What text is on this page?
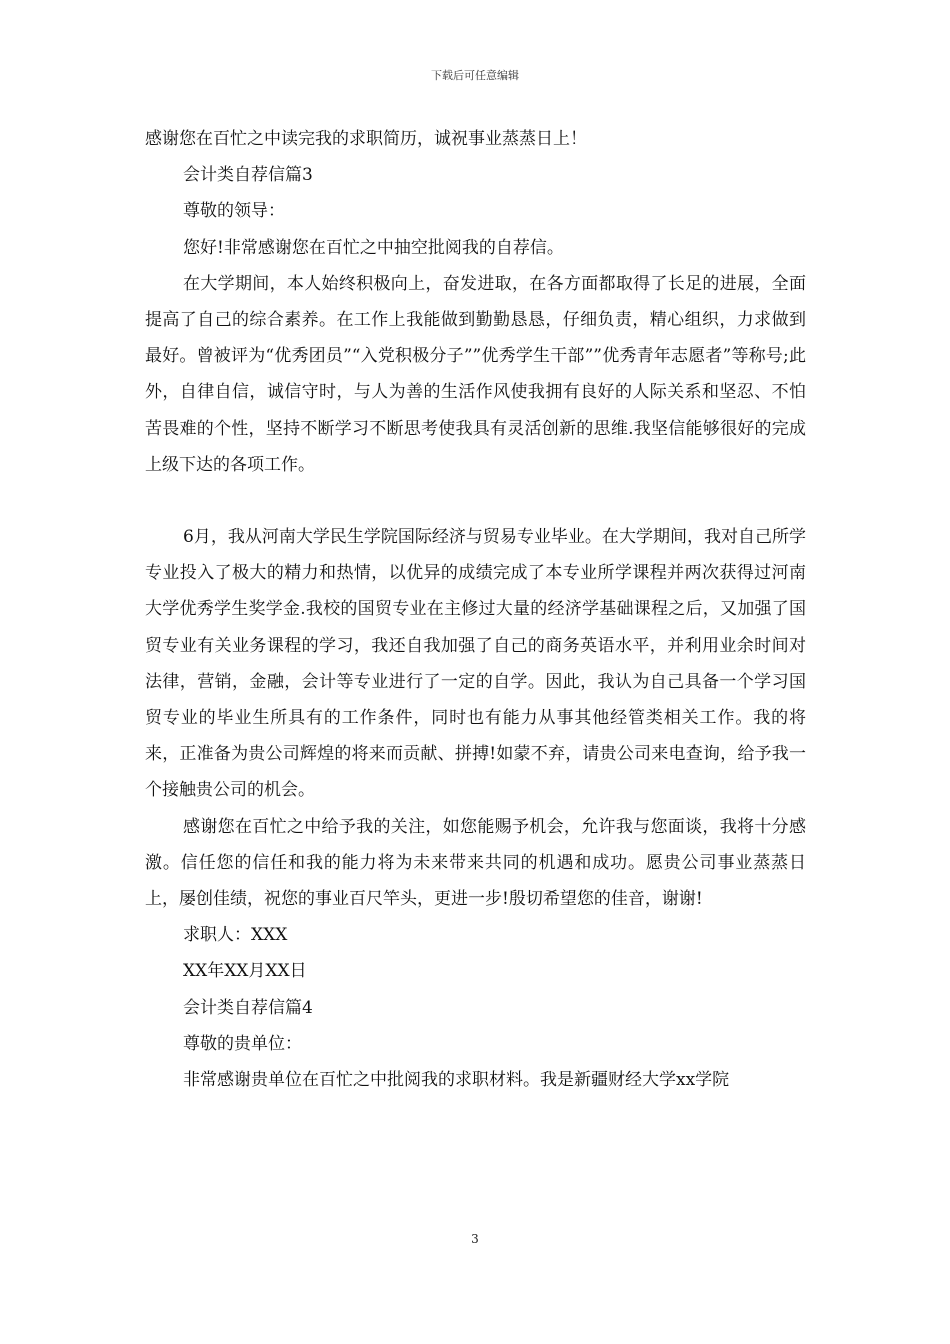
下载后可任意编辑

感谢您在百忙之中读完我的求职简历，诚祝事业蒸蒸日上！

会计类自荐信篇3

尊敬的领导：

您好!非常感谢您在百忙之中抽空批阅我的自荐信。

在大学期间，本人始终积极向上，奋发进取，在各方面都取得了长足的进展，全面提高了自己的综合素养。在工作上我能做到勤勤恳恳，仔细负责，精心组织，力求做到最好。曾被评为“优秀团员”“入党积极分子””优秀学生干部””优秀青年志愿者”等称号;此外，自律自信，诚信守时，与人为善的生活作风使我拥有良好的人际关系和坚忍、不怕苦畏难的个性，坚持不断学习不断思考使我具有灵活创新的思维.我坚信能够很好的完成上级下达的各项工作。

6月，我从河南大学民生学院国际经济与贸易专业毕业。在大学期间，我对自己所学专业投入了极大的精力和热情，以优异的成绩完成了本专业所学课程并两次获得过河南大学优秀学生奖学金.我校的国贸专业在主修过大量的经济学基础课程之后，又加强了国贸专业有关业务课程的学习，我还自我加强了自己的商务英语水平，并利用业余时间对法律，营销，金融，会计等专业进行了一定的自学。因此，我认为自己具备一个学习国贸专业的毕业生所具有的工作条件，同时也有能力从事其他经管类相关工作。我的将来，正准备为贵公司辉煌的将来而贡献、拼搏!如蒙不弃，请贵公司来电查询，给予我一个接触贵公司的机会。

感谢您在百忙之中给予我的关注，如您能赐予机会，允许我与您面谈，我将十分感激。信任您的信任和我的能力将为未来带来共同的机遇和成功。愿贵公司事业蒸蒸日上，屡创佳绩，祝您的事业百尺竿头，更进一步!殷切希望您的佳音，谢谢!

求职人：XXX

XX年XX月XX日

会计类自荐信篇4

尊敬的贵单位：

非常感谢贵单位在百忙之中批阅我的求职材料。我是新疆财经大学xx学院

3
